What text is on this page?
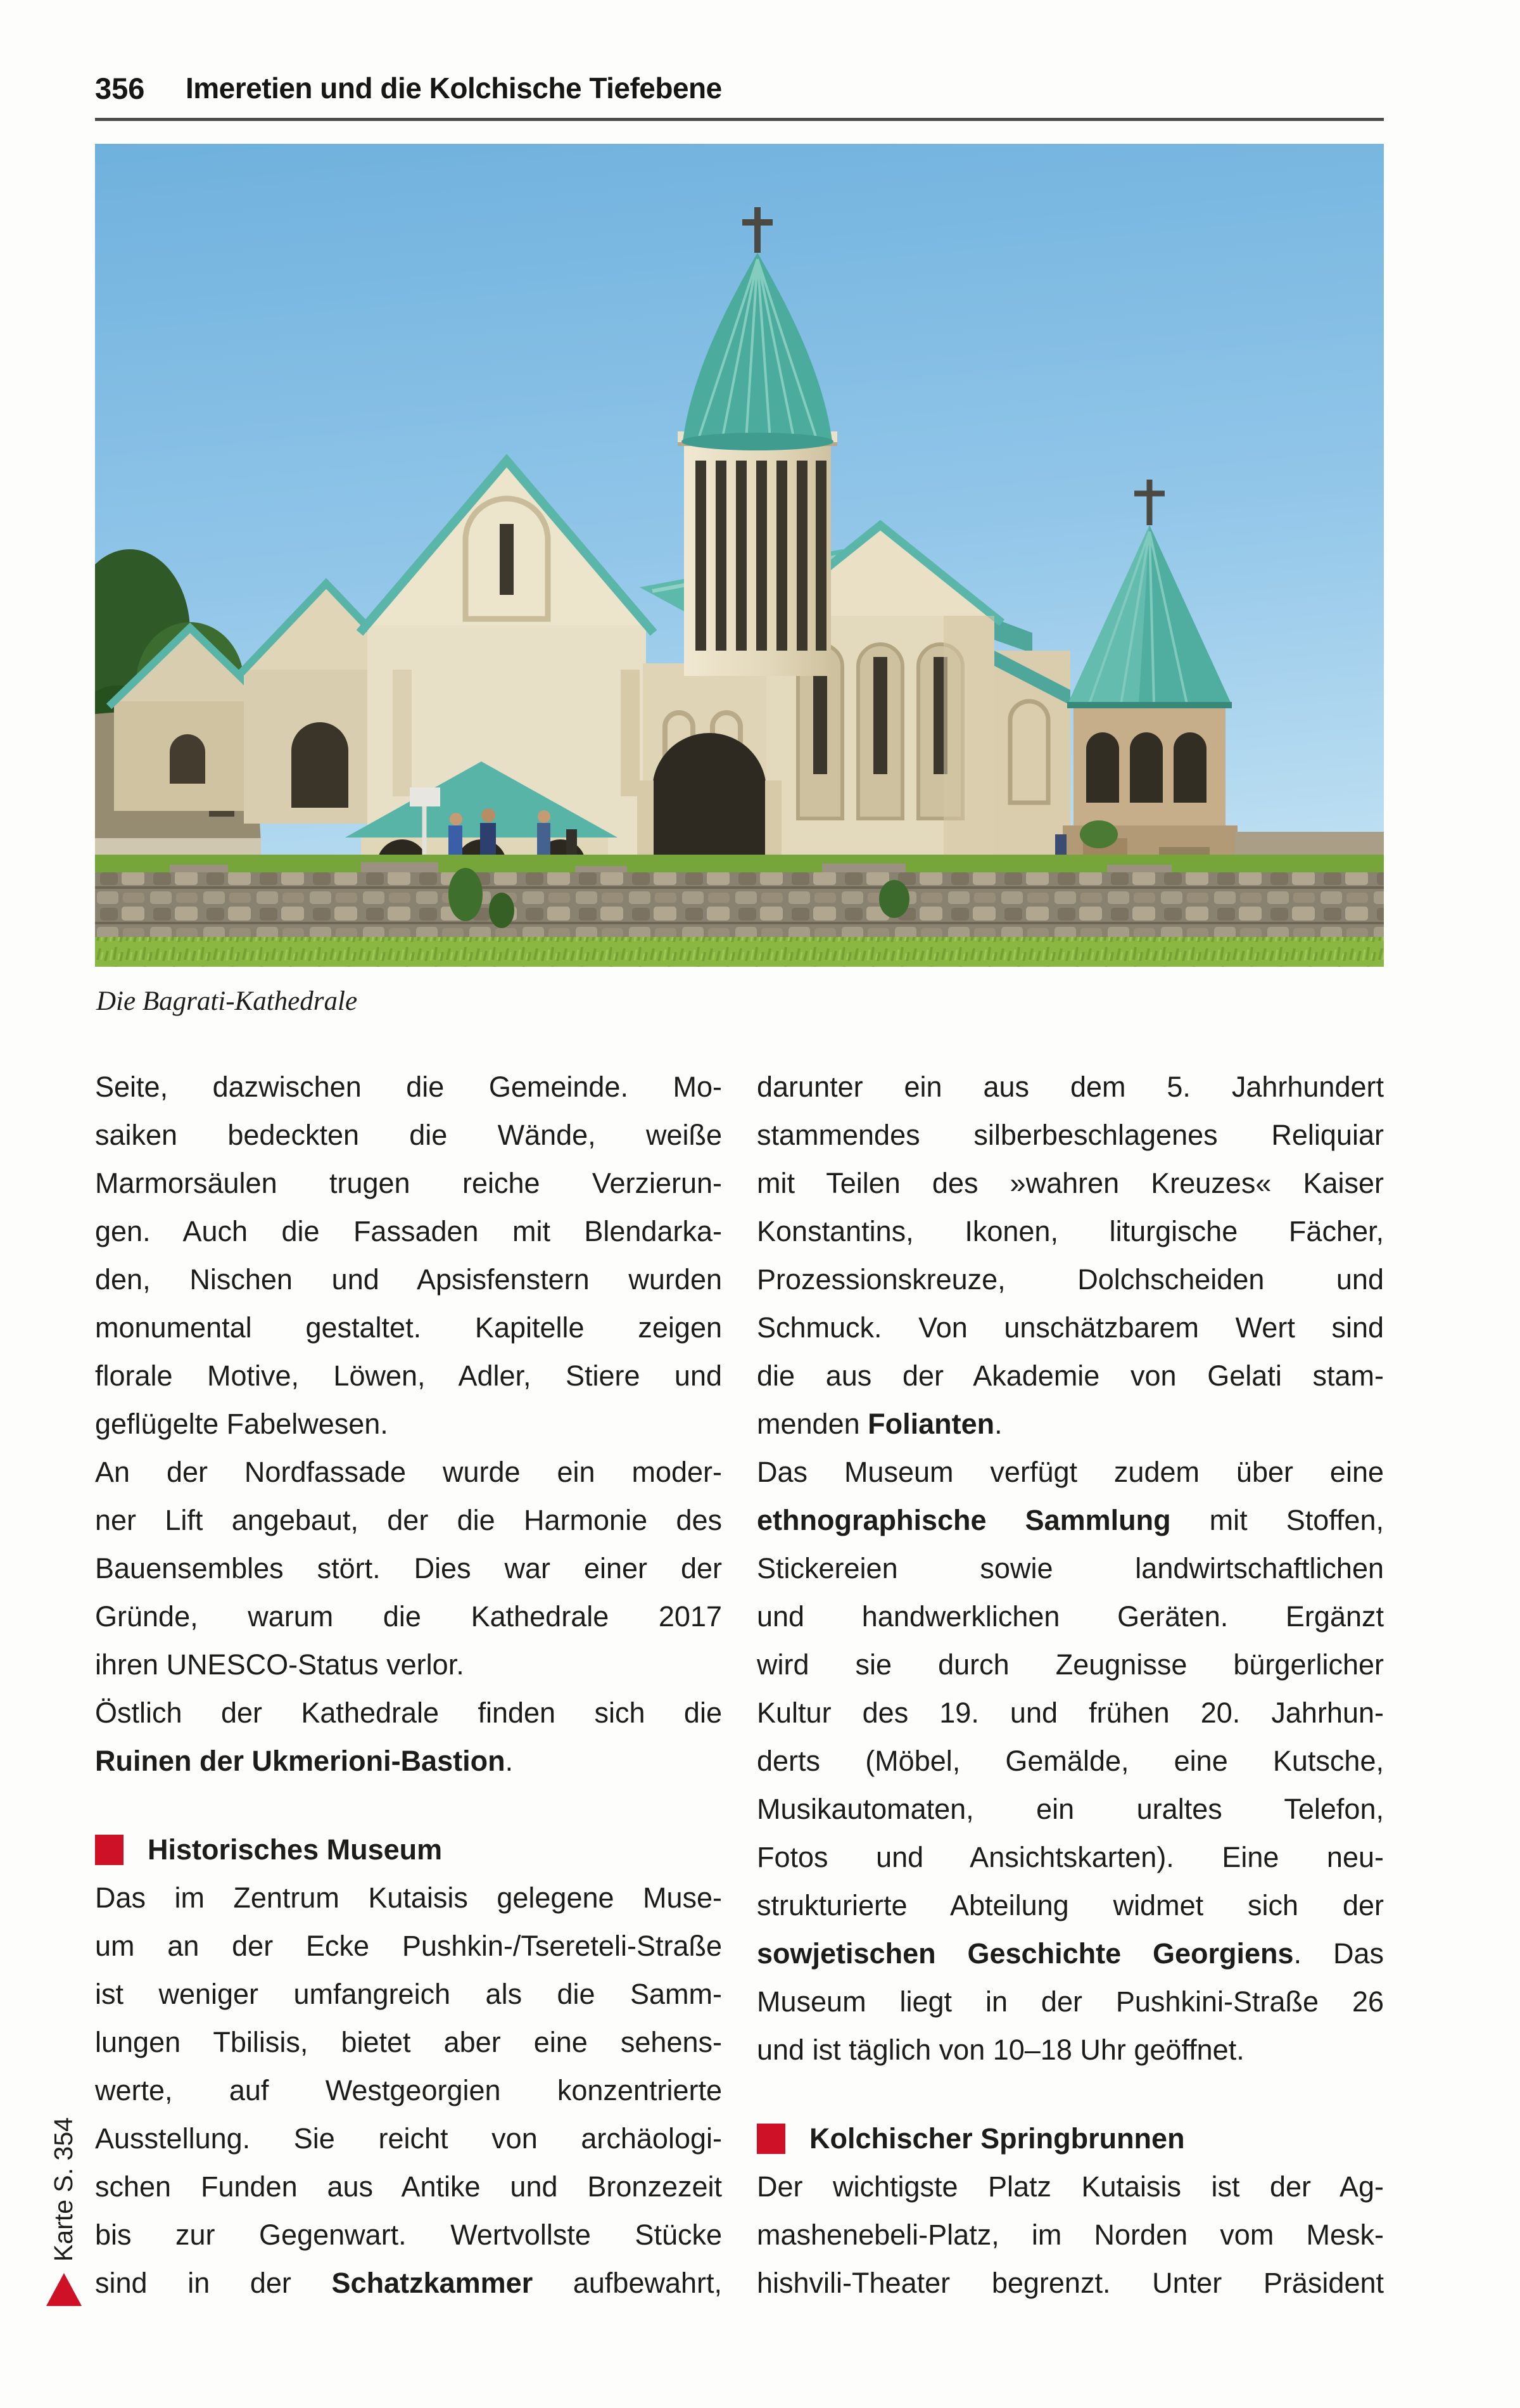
356 Imeretien und die Kolchische Tiefebene
Die Bagrati-Kathedrale
Seite, dazwischen die Gemeinde. Mo-
saiken bedeckten die Wände, weiße
Marmorsäulen trugen reiche Verzierun-
gen. Auch die Fassaden mit Blendarka-
den, Nischen und Apsisfenstern wurden
monumental gestaltet. Kapitelle zeigen
florale Motive, Löwen, Adler, Stiere und
geflügelte Fabelwesen.
An der Nordfassade wurde ein moder-
ner Lift angebaut, der die Harmonie des
Bauensembles stört. Dies war einer der
Gründe, warum die Kathedrale 2017
ihren UNESCO-Status verlor.
Östlich der Kathedrale finden sich die
Ruinen der Ukmerioni-Bastion.
Historisches Museum
Das im Zentrum Kutaisis gelegene Muse-
um an der Ecke Pushkin-/Tsereteli-Straße
ist weniger umfangreich als die Samm-
lungen Tbilisis, bietet aber eine sehens-
werte, auf Westgeorgien konzentrierte
Ausstellung. Sie reicht von archäologi-
schen Funden aus Antike und Bronzezeit
bis zur Gegenwart. Wertvollste Stücke
sind in der Schatzkammer aufbewahrt,
darunter ein aus dem 5. Jahrhundert
stammendes silberbeschlagenes Reliquiar
mit Teilen des »wahren Kreuzes« Kaiser
Konstantins, Ikonen, liturgische Fächer,
Prozessionskreuze, Dolchscheiden und
Schmuck. Von unschätzbarem Wert sind
die aus der Akademie von Gelati stam-
menden Folianten.
Das Museum verfügt zudem über eine
ethnographische Sammlung mit Stoffen,
Stickereien sowie landwirtschaftlichen
und handwerklichen Geräten. Ergänzt
wird sie durch Zeugnisse bürgerlicher
Kultur des 19. und frühen 20. Jahrhun-
derts (Möbel, Gemälde, eine Kutsche,
Musikautomaten, ein uraltes Telefon,
Fotos und Ansichtskarten). Eine neu-
strukturierte Abteilung widmet sich der
sowjetischen Geschichte Georgiens. Das
Museum liegt in der Pushkini-Straße 26
und ist täglich von 10–18 Uhr geöffnet.
Kolchischer Springbrunnen
Der wichtigste Platz Kutaisis ist der Ag-
mashenebeli-Platz, im Norden vom Mesk-
hishvili-Theater begrenzt. Unter Präsident
Karte S. 354
